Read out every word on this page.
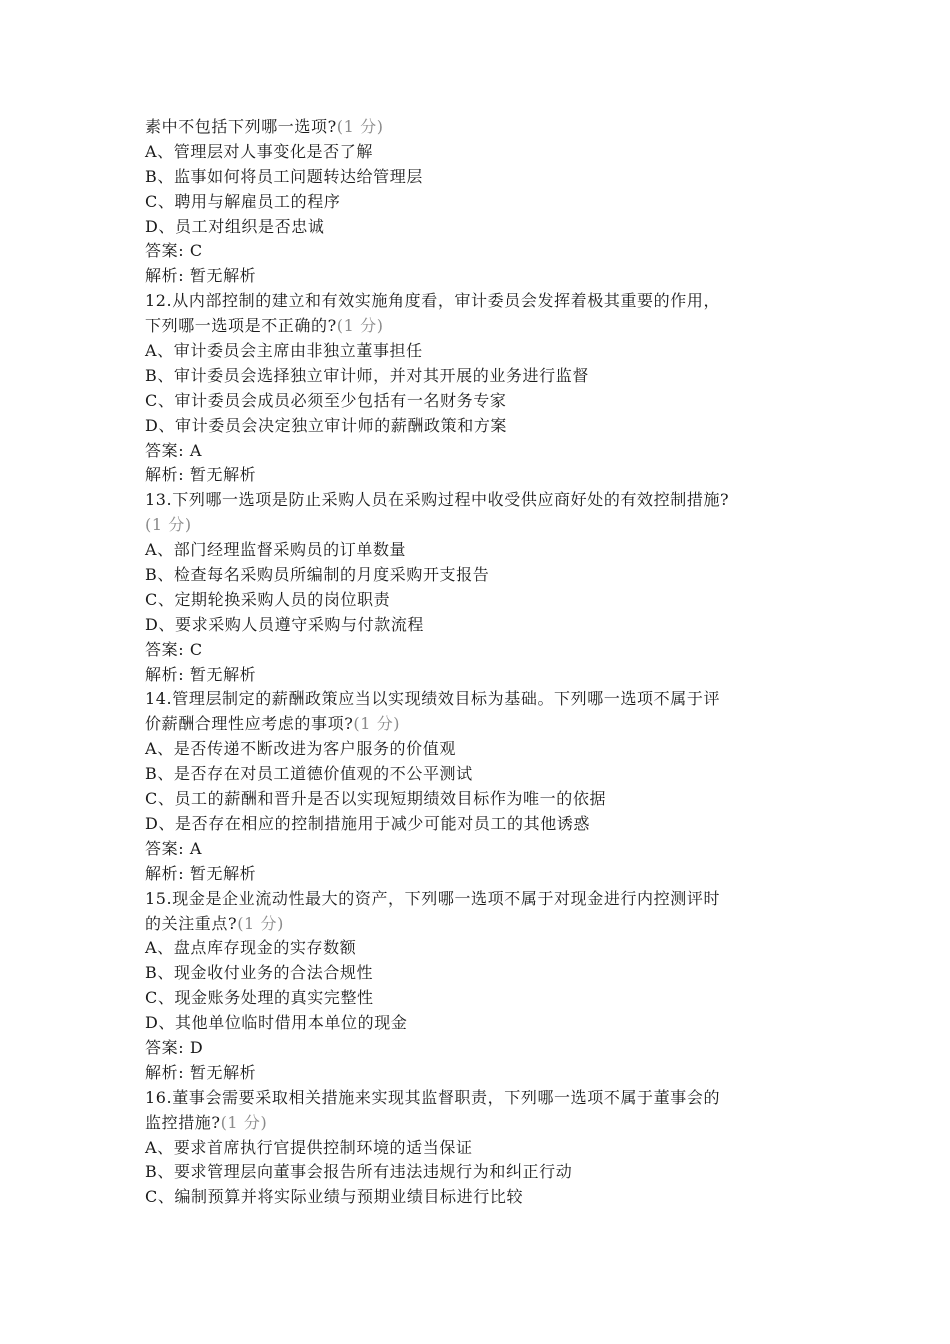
素中不包括下列哪一选项?(1 分)
A、管理层对人事变化是否了解
B、监事如何将员工问题转达给管理层
C、聘用与解雇员工的程序
D、员工对组织是否忠诚
答案: C
解析: 暂无解析
12.从内部控制的建立和有效实施角度看，审计委员会发挥着极其重要的作用，
下列哪一选项是不正确的?(1 分)
A、审计委员会主席由非独立董事担任
B、审计委员会选择独立审计师，并对其开展的业务进行监督
C、审计委员会成员必须至少包括有一名财务专家
D、审计委员会决定独立审计师的薪酬政策和方案
答案: A
解析: 暂无解析
13.下列哪一选项是防止采购人员在采购过程中收受供应商好处的有效控制措施?
(1 分)
A、部门经理监督采购员的订单数量
B、检查每名采购员所编制的月度采购开支报告
C、定期轮换采购人员的岗位职责
D、要求采购人员遵守采购与付款流程
答案: C
解析: 暂无解析
14.管理层制定的薪酬政策应当以实现绩效目标为基础。下列哪一选项不属于评
价薪酬合理性应考虑的事项?(1 分)
A、是否传递不断改进为客户服务的价值观
B、是否存在对员工道德价值观的不公平测试
C、员工的薪酬和晋升是否以实现短期绩效目标作为唯一的依据
D、是否存在相应的控制措施用于减少可能对员工的其他诱惑
答案: A
解析: 暂无解析
15.现金是企业流动性最大的资产，下列哪一选项不属于对现金进行内控测评时
的关注重点?(1 分)
A、盘点库存现金的实存数额
B、现金收付业务的合法合规性
C、现金账务处理的真实完整性
D、其他单位临时借用本单位的现金
答案: D
解析: 暂无解析
16.董事会需要采取相关措施来实现其监督职责，下列哪一选项不属于董事会的
监控措施?(1 分)
A、要求首席执行官提供控制环境的适当保证
B、要求管理层向董事会报告所有违法违规行为和纠正行动
C、编制预算并将实际业绩与预期业绩目标进行比较
